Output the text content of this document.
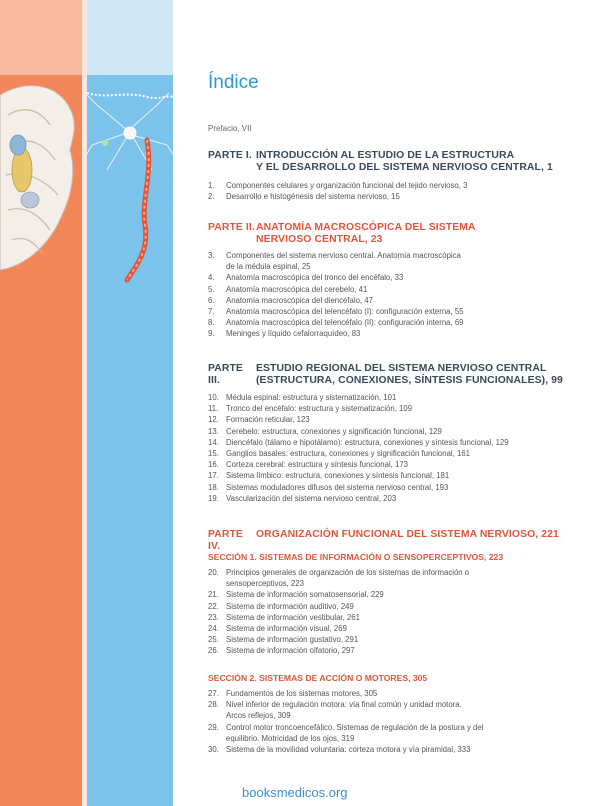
Índice
Prefacio, VII
PARTE I. INTRODUCCIÓN AL ESTUDIO DE LA ESTRUCTURA
Y EL DESARROLLO DEL SISTEMA NERVIOSO CENTRAL, 1
1.	Componentes celulares y organización funcional del tejido nervioso, 3
2.	Desarrollo e histogénesis del sistema nervioso, 15
PARTE II. ANATOMÍA MACROSCÓPICA DEL SISTEMA
NERVIOSO CENTRAL, 23
3.	Componentes del sistema nervioso central. Anatomía macroscópica
de la médula espinal, 25
4.	Anatomía macroscópica del tronco del encéfalo, 33
5.	Anatomía macroscópica del cerebelo, 41
6.	Anatomía macroscópica del diencéfalo, 47
7.	Anatomía macroscópica del telencéfalo (I): configuración externa, 55
8.	Anatomía macroscópica del telencéfalo (II): configuración interna, 69
9.	Meninges y líquido cefalorraquídeo, 83
PARTE III.
ESTUDIO REGIONAL DEL SISTEMA NERVIOSO CENTRAL
(ESTRUCTURA, CONEXIONES, SÍNTESIS FUNCIONALES), 99
10. Médula espinal: estructura y sistematización, 101
11. Tronco del encéfalo: estructura y sistematización, 109
12. Formación reticular, 123
13. Cerebelo: estructura, conexiones y significación funcional, 129
14. Diencéfalo (tálamo e hipotálamo): estructura, conexiones y síntesis funcional, 129
15. Ganglios basales: estructura, conexiones y significación funcional, 161
16. Corteza cerebral: estructura y síntesis funcional, 173
17. Sistema límbico: estructura, conexiones y síntesis funcional, 181
18. Sistemas moduladores difusos del sistema nervioso central, 193
19. Vascularización del sistema nervioso central, 203
PARTE IV.
ORGANIZACIÓN FUNCIONAL DEL SISTEMA NERVIOSO, 221
SECCIÓN 1. SISTEMAS DE INFORMACIÓN O SENSOPERCEPTIVOS, 223
20. Principios generales de organización de los sistemas de información o
sensoperceptivos, 223
21. Sistema de información somatosensorial, 229
22. Sistema de información auditivo, 249
23. Sistema de información vestibular, 261
24. Sistema de información visual, 269
25. Sistema de información gustativo, 291
26. Sistema de información olfatorio, 297
SECCIÓN 2. SISTEMAS DE ACCIÓN O MOTORES, 305
27. Fundamentos de los sistemas motores, 305
28. Nivel inferior de regulación motora: vía final común y unidad motora.
Arcos reflejos, 309
29. Control motor troncoencefálico. Sistemas de regulación de la postura y del
equilibrio. Motricidad de los ojos, 319
30. Sistema de la movilidad voluntaria: corteza motora y vía piramidal, 333
booksmedicos.org
